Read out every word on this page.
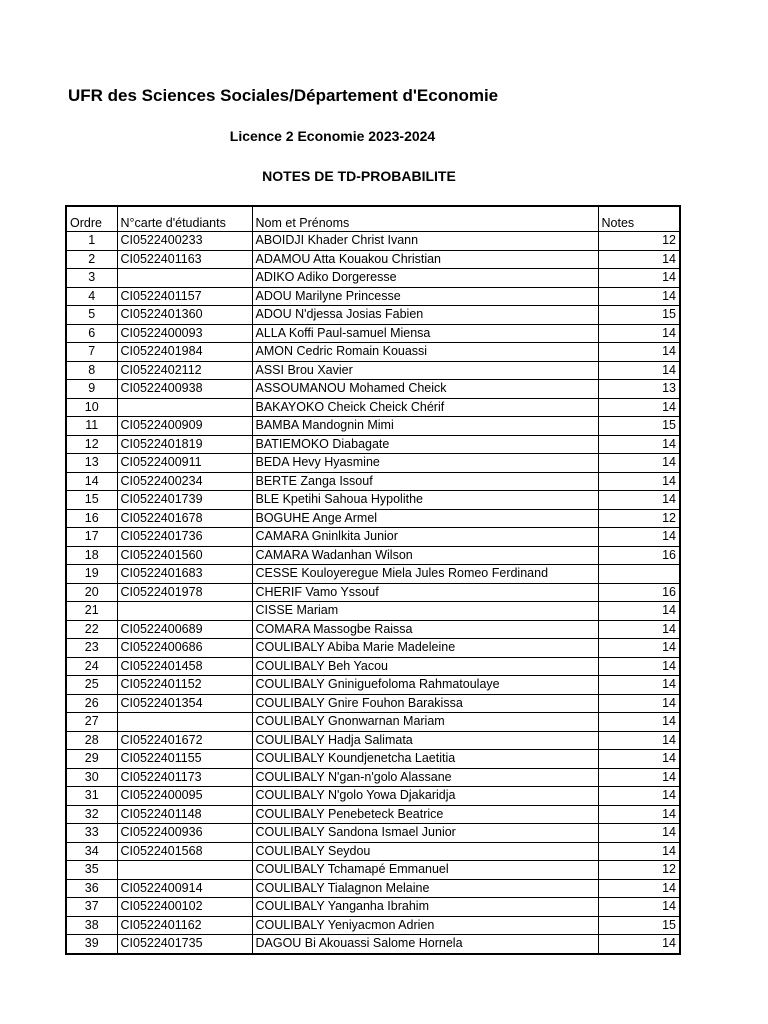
UFR des Sciences Sociales/Département d'Economie
Licence 2 Economie 2023-2024
NOTES DE TD-PROBABILITE
Ordre	N°carte d'étudiants	Nom et Prénoms	Notes
1	CI0522400233	ABOIDJI Khader Christ Ivann	12
2	CI0522401163	ADAMOU Atta Kouakou Christian	14
3		ADIKO Adiko Dorgeresse	14
4	CI0522401157	ADOU Marilyne Princesse	14
5	CI0522401360	ADOU N'djessa Josias Fabien	15
6	CI0522400093	ALLA Koffi Paul-samuel Miensa	14
7	CI0522401984	AMON Cedric Romain Kouassi	14
8	CI0522402112	ASSI Brou Xavier	14
9	CI0522400938	ASSOUMANOU Mohamed Cheick	13
10		BAKAYOKO Cheick Cheick Chérif	14
11	CI0522400909	BAMBA Mandognin Mimi	15
12	CI0522401819	BATIEMOKO Diabagate	14
13	CI0522400911	BEDA Hevy Hyasmine	14
14	CI0522400234	BERTE Zanga Issouf	14
15	CI0522401739	BLE Kpetihi Sahoua Hypolithe	14
16	CI0522401678	BOGUHE Ange Armel	12
17	CI0522401736	CAMARA Gninlkita Junior	14
18	CI0522401560	CAMARA Wadanhan Wilson	16
19	CI0522401683	CESSE Kouloyeregue Miela Jules Romeo Ferdinand	
20	CI0522401978	CHERIF Vamo Yssouf	16
21		CISSE Mariam	14
22	CI0522400689	COMARA Massogbe Raissa	14
23	CI0522400686	COULIBALY Abiba Marie Madeleine	14
24	CI0522401458	COULIBALY Beh Yacou	14
25	CI0522401152	COULIBALY Gniniguefoloma Rahmatoulaye	14
26	CI0522401354	COULIBALY Gnire Fouhon Barakissa	14
27		COULIBALY Gnonwarnan Mariam	14
28	CI0522401672	COULIBALY Hadja Salimata	14
29	CI0522401155	COULIBALY Koundjenetcha Laetitia	14
30	CI0522401173	COULIBALY N'gan-n'golo Alassane	14
31	CI0522400095	COULIBALY N'golo Yowa Djakaridja	14
32	CI0522401148	COULIBALY Penebeteck Beatrice	14
33	CI0522400936	COULIBALY Sandona Ismael Junior	14
34	CI0522401568	COULIBALY Seydou	14
35		COULIBALY Tchamapé Emmanuel	12
36	CI0522400914	COULIBALY Tialagnon Melaine	14
37	CI0522400102	COULIBALY Yanganha Ibrahim	14
38	CI0522401162	COULIBALY Yeniyacmon Adrien	15
39	CI0522401735	DAGOU Bi Akouassi Salome Hornela	14
